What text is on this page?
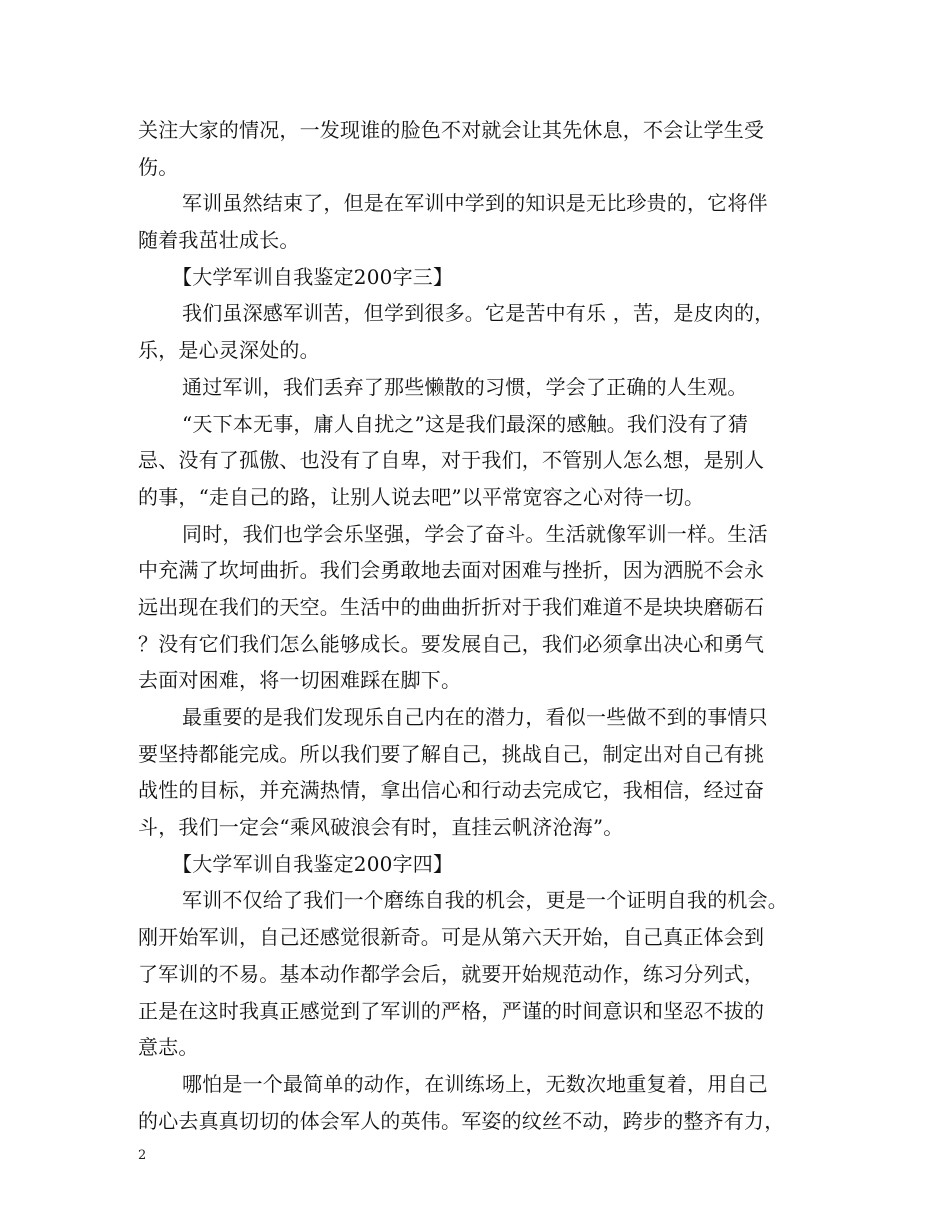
关注大家的情况，一发现谁的脸色不对就会让其先休息，不会让学生受
伤。
军训虽然结束了，但是在军训中学到的知识是无比珍贵的，它将伴
随着我茁壮成长。
【大学军训自我鉴定200字三】
我们虽深感军训苦，但学到很多。它是苦中有乐 ，苦，是皮肉的，
乐，是心灵深处的。
通过军训，我们丢弃了那些懒散的习惯，学会了正确的人生观。
“天下本无事，庸人自扰之”这是我们最深的感触。我们没有了猜
忌、没有了孤傲、也没有了自卑，对于我们，不管别人怎么想，是别人
的事，“走自己的路，让别人说去吧”以平常宽容之心对待一切。
同时，我们也学会乐坚强，学会了奋斗。生活就像军训一样。生活
中充满了坎坷曲折。我们会勇敢地去面对困难与挫折，因为洒脱不会永
远出现在我们的天空。生活中的曲曲折折对于我们难道不是块块磨砺石
？没有它们我们怎么能够成长。要发展自己，我们必须拿出决心和勇气
去面对困难，将一切困难踩在脚下。
最重要的是我们发现乐自己内在的潜力，看似一些做不到的事情只
要坚持都能完成。所以我们要了解自己，挑战自己，制定出对自己有挑
战性的目标，并充满热情，拿出信心和行动去完成它，我相信，经过奋
斗，我们一定会“乘风破浪会有时，直挂云帆济沧海”。
【大学军训自我鉴定200字四】
军训不仅给了我们一个磨练自我的机会，更是一个证明自我的机会。
刚开始军训，自己还感觉很新奇。可是从第六天开始，自己真正体会到
了军训的不易。基本动作都学会后，就要开始规范动作，练习分列式，
正是在这时我真正感觉到了军训的严格，严谨的时间意识和坚忍不拔的
意志。
哪怕是一个最简单的动作，在训练场上，无数次地重复着，用自己
的心去真真切切的体会军人的英伟。军姿的纹丝不动，跨步的整齐有力，
2
